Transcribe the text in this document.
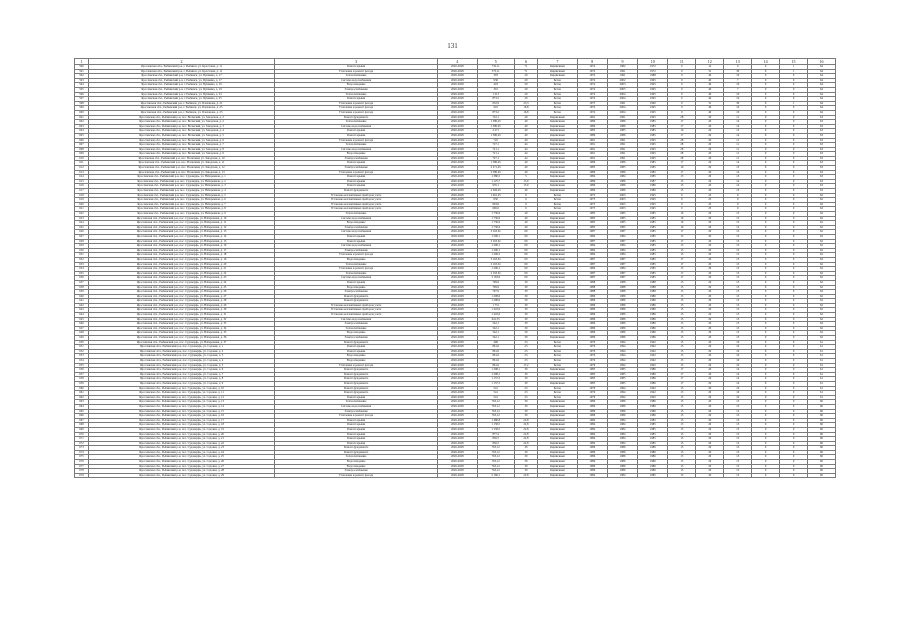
131
1	2	3	4	5	6	7	8	9	10	11	12	13	14	15	16
590	Ярославская обл., Рыбинский р-н, г. Рыбинск, ул. Крестовая, д. 11	Ремонт крыши	2026-2028	732,11	71	Кирпичный	1974	1982	1972	0	12	0	0	1	64
591	Ярославская обл., Рыбинский р-н, г. Рыбинск, ул. Крестовая, д. 11	Утепление и ремонт фасада	2026-2028	573,11	71	Кирпичный	1974	1991	1972	0	31	30	0	1	64
592	Ярославская обл., Рыбинский р-н, г. Рыбинск, ул. Пушкина, д. 17	Теплоснабжение	2026-2028	303	20	Кирпичный	1974	1991	1988	0	40	10	0	0	64
593	Ярославская обл., Рыбинский р-н, г. Рыбинск, ул. Пушкина, д. 17	Система водоснабжения	2026-2028	936	20	Бетон	1974	2002	1995	0	40	7	0	0	64
594	Ярославская обл., Рыбинский р-н, г. Рыбинск, ул. Пушкина, д. 19	Водоотведение	2026-2028	418	20	Бетон	1974	2003	1995	0	40	10	0	0	64
595	Ярославская обл., Рыбинский р-н, г. Рыбинск, ул. Пушкина, д. 19	Электроснабжение	2026-2028	301	20	Бетон	1974	2005	1995	0	40	7	0	0	64
596	Ярославская обл., Рыбинский р-н, г. Рыбинск, ул. Пушкина, д. 23	Теплоснабжение	2026-2028	1 213	20	Бетон	1974	2004	1995	0	40	10	0	0	64
597	Ярославская обл., Рыбинский р-н, г. Рыбинск, ул. Пушкина, д. 25	Ремонт крыши	2026-2028	873,2	20	Бетон	1974	2004	1995	0	40	10	0	0	64
598	Ярославская обл., Рыбинский р-н, г. Рыбинск, ул. Плеханова, д. 21	Утепление и ремонт фасада	2026-2028	632,9	23,3	Бетон	1975	1991	1990	0	31	30	0	1	64
599	Ярославская обл., Рыбинский р-н, г. Рыбинск, ул. Плеханова, д. 25	Утепление и ремонт фасада	2026-2028	916	16,8	Бетон	1974	2004	1995	0	40	10	0	0	64
600	Ярославская обл., Рыбинский р-н, г. Рыбинск, ул. Плеханова, д. 25	Утепление и ремонт фасада	2026-2028	873,2	16,8	Бетон	1974	2004	1995	0	40	10	0	0	64
601	Ярославская обл., Рыбинский р-н, пос. Волжский, ул. Заводская, д. 2	Ремонт фундамента	2026-2028	722,1	40	Кирпичный	1991	1991	1995	28	20	11	0	0	63
602	Ярославская обл., Рыбинский р-н, пос. Волжский, ул. Заводская, д. 2	Теплоснабжение	2026-2028	1 380,45	40	Кирпичный	1986	1986	1985	17	20	14	0	0	63
603	Ярославская обл., Рыбинский р-н, пос. Волжский, ул. Заводская, д. 3	Система водоснабжения	2026-2028	1 380,45	40	Кирпичный	1986	1986	1985	17	20	14	0	0	63
604	Ярославская обл., Рыбинский р-н, пос. Волжский, ул. Заводская, д. 4	Ремонт крыши	2026-2028	2 271	40	Кирпичный	1985	1985	1985	16	20	13	0	0	63
605	Ярославская обл., Рыбинский р-н, пос. Волжский, ул. Заводская, д. 5	Ремонт крыши	2026-2028	1 380,45	40	Кирпичный	1986	1986	1985	17	20	14	0	0	63
606	Ярославская обл., Рыбинский р-н, пос. Волжский, ул. Заводская, д. 6	Утепление и ремонт фасада	2026-2028	722	40	Кирпичный	1991	1991	1995	28	20	11	0	0	63
607	Ярославская обл., Рыбинский р-н, пос. Волжский, ул. Заводская, д. 7	Теплоснабжение	2026-2028	727,1	44	Кирпичный	1991	1991	1995	28	20	11	0	0	63
608	Ярославская обл., Рыбинский р-н, пос. Волжский, ул. Заводская, д. 8	Система водоснабжения	2026-2028	721,1	44	Кирпичный	1991	1991	1995	28	20	11	0	0	63
609	Ярославская обл., Рыбинский р-н, пос. Волжский, ул. Заводская, д. 9	Водоотведение	2026-2028	721,1	44	Кирпичный	1991	1991	1995	28	20	11	0	0	63
610	Ярославская обл., Рыбинский р-н, пос. Волжский, ул. Заводская, д. 10	Электроснабжение	2026-2028	727,1	44	Кирпичный	1991	1991	1995	28	20	11	0	0	63
611	Ярославская обл., Рыбинский р-н, пос. Волжский, ул. Заводская, д. 11	Ремонт крыши	2026-2028	1 380,45	40	Кирпичный	1986	1986	1985	17	20	14	0	0	63
612	Ярославская обл., Рыбинский р-н, пос. Волжский, ул. Заводская, д. 12	Электроснабжение	2026-2028	2 271,45	40	Кирпичный	1985	1985	1985	16	20	13	0	0	63
613	Ярославская обл., Рыбинский р-н, пос. Волжский, ул. Заводская, д. 13	Утепление и ремонт фасада	2026-2028	2 380,45	40	Кирпичный	1986	1986	1985	17	20	14	0	0	63
614	Ярославская обл., Рыбинский р-н, пос. Судоверфь, ул. Набережная, д. 1	Ремонт крыши	2026-2028	1 380,5	5	Кирпичный	1984	1984	1985	15	20	13	0	0	63
615	Ярославская обл., Рыбинский р-н, пос. Судоверфь, ул. Набережная, д. 2	Ремонт крыши	2026-2028	1 125,7	15,9	Кирпичный	1986	1986	1987	15	20	14	0	0	63
616	Ярославская обл., Рыбинский р-н, пос. Судоверфь, ул. Набережная, д. 3	Ремонт крыши	2026-2028	976,1	15,9	Кирпичный	1986	1986	1986	15	20	14	0	0	63
617	Ярославская обл., Рыбинский р-н, пос. Судоверфь, ул. Набережная, д. 4	Ремонт фундамента	2026-2028	2 206,45	40	Кирпичный	1986	1986	1986	15	20	13	0	0	63
618	Ярославская обл., Рыбинский р-н, пос. Судоверфь, ул. Набережная, д. 5	Установка коллективных приборов учета	2026-2028	1 461,25	6	Бетон	1975	2003	1995	0	23	9	0	0	62
619	Ярославская обл., Рыбинский р-н, пос. Судоверфь, ул. Набережная, д. 6	Установка коллективных приборов учета	2026-2028	650	6	Бетон	1975	2003	1995	0	23	9	0	0	62
620	Ярославская обл., Рыбинский р-н, пос. Судоверфь, ул. Набережная, д. 7	Установка коллективных приборов учета	2026-2028	693,6	6	Бетон	1975	2003	1995	0	23	9	0	0	62
621	Ярославская обл., Рыбинский р-н, пос. Судоверфь, ул. Набережная, д. 8	Установка коллективных приборов учета	2026-2028	696,6	6	Бетон	1975	2003	1995	0	23	9	0	0	62
622	Ярославская обл., Рыбинский р-н, пос. Судоверфь, ул. Набережная, д. 9	Теплоснабжение	2026-2028	1 730,6	40	Кирпичный	1985	1985	1985	16	20	13	0	0	62
623	Ярославская обл., Рыбинский р-н, пос. Судоверфь, ул. Набережная, д. 10	Система водоснабжения	2026-2028	1 730,6	40	Кирпичный	1985	1985	1985	16	20	13	0	0	62
624	Ярославская обл., Рыбинский р-н, пос. Судоверфь, ул. Набережная, д. 11	Водоотведение	2026-2028	1 730,6	40	Кирпичный	1985	1985	1985	16	20	13	0	0	62
625	Ярославская обл., Рыбинский р-н, пос. Судоверфь, ул. Набережная, д. 12	Электроснабжение	2026-2028	1 730,6	40	Кирпичный	1985	1985	1985	16	20	13	0	0	62
626	Ярославская обл., Рыбинский р-н, пос. Судоверфь, ул. Набережная, д. 13	Система водоснабжения	2026-2028	3 163,61	60	Кирпичный	1987	1987	1985	17	20	13	0	0	62
627	Ярославская обл., Рыбинский р-н, пос. Судоверфь, ул. Набережная, д. 14	Ремонт крыши	2026-2028	1 206,1	60	Кирпичный	1984	1984	1985	15	20	13	0	0	62
628	Ярославская обл., Рыбинский р-н, пос. Судоверфь, ул. Набережная, д. 15	Ремонт крыши	2026-2028	3 163,61	60	Кирпичный	1987	1987	1985	17	20	13	0	0	62
629	Ярославская обл., Рыбинский р-н, пос. Судоверфь, ул. Набережная, д. 16	Система водоснабжения	2026-2028	1 206,1	60	Кирпичный	1984	1984	1985	15	20	13	0	0	62
630	Ярославская обл., Рыбинский р-н, пос. Судоверфь, ул. Набережная, д. 17	Электроснабжение	2026-2028	1 206,1	60	Кирпичный	1984	1984	1985	15	20	13	0	0	62
631	Ярославская обл., Рыбинский р-н, пос. Судоверфь, ул. Набережная, д. 18	Утепление и ремонт фасада	2026-2028	1 206,5	60	Кирпичный	1984	1984	1985	15	20	13	0	0	62
632	Ярославская обл., Рыбинский р-н, пос. Судоверфь, ул. Набережная, д. 19	Водоотведение	2026-2028	3 163,61	60	Кирпичный	1987	1987	1985	17	20	13	0	0	62
633	Ярославская обл., Рыбинский р-н, пос. Судоверфь, ул. Набережная, д. 20	Теплоснабжение	2026-2028	2 163,61	60	Кирпичный	1987	1987	1985	17	20	13	0	0	62
634	Ярославская обл., Рыбинский р-н, пос. Судоверфь, ул. Набережная, д. 21	Утепление и ремонт фасада	2026-2028	1 206,1	60	Кирпичный	1984	1984	1985	15	20	13	0	0	62
635	Ярославская обл., Рыбинский р-н, пос. Судоверфь, ул. Набережная, д. 22	Теплоснабжение	2026-2028	2 163,61	60	Кирпичный	1987	1987	1985	17	20	13	0	0	62
636	Ярославская обл., Рыбинский р-н, пос. Судоверфь, ул. Набережная, д. 23	Система водоснабжения	2026-2028	3 163,6	60	Кирпичный	1987	1987	1985	17	20	13	0	0	62
637	Ярославская обл., Рыбинский р-н, пос. Судоверфь, ул. Набережная, д. 24	Ремонт крыши	2026-2028	799,9	30	Кирпичный	1988	1988	1988	15	20	13	0	0	62
638	Ярославская обл., Рыбинский р-н, пос. Судоверфь, ул. Набережная, д. 25	Водоотведение	2026-2028	799,9	30	Кирпичный	1988	1988	1988	15	20	13	0	0	62
639	Ярославская обл., Рыбинский р-н, пос. Судоверфь, ул. Набережная, д. 26	Электроснабжение	2026-2028	797,9	30	Кирпичный	1988	1988	1988	15	20	13	0	0	62
640	Ярославская обл., Рыбинский р-н, пос. Судоверфь, ул. Набережная, д. 27	Ремонт фундамента	2026-2028	1 298,6	30	Кирпичный	1986	1986	1986	15	20	13	0	0	62
641	Ярославская обл., Рыбинский р-н, пос. Судоверфь, ул. Набережная, д. 28	Ремонт фундамента	2026-2028	1 298,6	30	Кирпичный	1986	1986	1986	15	20	13	0	0	62
642	Ярославская обл., Рыбинский р-н, пос. Судоверфь, ул. Набережная, д. 29	Установка коллективных приборов учета	2026-2028	1 731	30	Кирпичный	1986	1986	1986	15	20	13	0	0	62
643	Ярославская обл., Рыбинский р-н, пос. Судоверфь, ул. Набережная, д. 30	Установка коллективных приборов учета	2026-2028	1 443,6	30	Кирпичный	1986	1986	1986	15	20	13	0	0	62
644	Ярославская обл., Рыбинский р-н, пос. Судоверфь, ул. Набережная, д. 31	Установка коллективных приборов учета	2026-2028	1 443,6	30	Кирпичный	1986	1986	1986	15	20	13	0	0	62
645	Ярославская обл., Рыбинский р-н, пос. Судоверфь, ул. Набережная, д. 32	Система водоснабжения	2026-2028	641,55	30	Кирпичный	1986	1986	1986	15	20	13	0	0	62
646	Ярославская обл., Рыбинский р-н, пос. Судоверфь, ул. Набережная, д. 33	Электроснабжение	2026-2028	542,1	30	Кирпичный	1986	1986	1986	15	20	13	0	0	62
647	Ярославская обл., Рыбинский р-н, пос. Судоверфь, ул. Набережная, д. 34	Теплоснабжение	2026-2028	542,1	30	Кирпичный	1986	1986	1986	15	20	13	0	0	62
648	Ярославская обл., Рыбинский р-н, пос. Судоверфь, ул. Набережная, д. 35	Водоотведение	2026-2028	542,1	30	Кирпичный	1986	1986	1986	15	20	13	0	0	62
649	Ярославская обл., Рыбинский р-н, пос. Судоверфь, ул. Набережная, д. 36	Электроснабжение	2026-2028	542,1	30	Кирпичный	1986	1986	1986	15	20	13	0	0	62
650	Ярославская обл., Рыбинский р-н, пос. Судоверфь, ул. Набережная, д. 37	Ремонт фундамента	2026-2028	499	23	Бетон	1976	1994	1992	15	20	10	0	0	61
651	Ярославская обл., Рыбинский р-н, пос. Судоверфь, ул. Садовая, д. 1	Ремонт крыши	2026-2028	861,6	23	Бетон	1976	1994	1992	15	20	10	0	0	61
652	Ярославская обл., Рыбинский р-н, пос. Судоверфь, ул. Садовая, д. 2	Ремонт крыши	2026-2028	861,6	23	Бетон	1976	1994	1992	15	20	10	0	0	61
653	Ярославская обл., Рыбинский р-н, пос. Судоверфь, ул. Садовая, д. 3	Водоотведение	2026-2028	861,6	23	Бетон	1976	1994	1992	15	20	10	0	0	61
654	Ярославская обл., Рыбинский р-н, пос. Судоверфь, ул. Садовая, д. 4	Водоотведение	2026-2028	861,6	23	Бетон	1976	1994	1992	15	20	10	0	0	61
655	Ярославская обл., Рыбинский р-н, пос. Судоверфь, ул. Садовая, д. 5	Утепление и ремонт фасада	2026-2028	861,6	17,2	Бетон	1976	1994	1992	15	20	10	0	0	61
656	Ярославская обл., Рыбинский р-н, пос. Судоверфь, ул. Садовая, д. 6	Ремонт фундамента	2026-2028	1 298,1	30	Кирпичный	1985	1985	1986	17	20	14	0	0	61
657	Ярославская обл., Рыбинский р-н, пос. Судоверфь, ул. Садовая, д. 7	Ремонт фундамента	2026-2028	1 298,1	30	Кирпичный	1985	1985	1986	17	20	14	0	0	61
658	Ярославская обл., Рыбинский р-н, пос. Судоверфь, ул. Садовая, д. 8	Ремонт фундамента	2026-2028	1 157,5	30	Кирпичный	1985	1985	1986	17	20	14	0	0	61
659	Ярославская обл., Рыбинский р-н, пос. Судоверфь, ул. Садовая, д. 9	Ремонт фундамента	2026-2028	1 157,5	30	Кирпичный	1985	1985	1986	17	20	14	0	0	61
660	Ярославская обл., Рыбинский р-н, пос. Судоверфь, ул. Садовая, д. 10	Ремонт фундамента	2026-2028	541	23	Бетон	1976	1994	1992	15	20	10	0	0	61
661	Ярославская обл., Рыбинский р-н, пос. Судоверфь, ул. Садовая, д. 11	Ремонт фундамента	2026-2028	541	23	Бетон	1976	1994	1992	15	20	10	0	0	61
662	Ярославская обл., Рыбинский р-н, пос. Судоверфь, ул. Садовая, д. 12	Ремонт крыши	2026-2028	541	23	Бетон	1976	1994	1992	15	20	10	0	0	61
663	Ярославская обл., Рыбинский р-н, пос. Судоверфь, ул. Садовая, д. 13	Теплоснабжение	2026-2028	763,12	30	Кирпичный	1986	1986	1986	15	20	13	0	0	60
664	Ярославская обл., Рыбинский р-н, пос. Судоверфь, ул. Садовая, д. 14	Система водоснабжения	2026-2028	763,12	30	Кирпичный	1986	1986	1986	15	20	13	0	0	60
665	Ярославская обл., Рыбинский р-н, пос. Судоверфь, ул. Садовая, д. 15	Электроснабжение	2026-2028	763,12	30	Кирпичный	1986	1986	1986	15	20	13	0	0	60
666	Ярославская обл., Рыбинский р-н, пос. Судоверфь, ул. Садовая, д. 16	Утепление и ремонт фасада	2026-2028	763,12	30	Кирпичный	1986	1986	1986	15	20	13	0	0	60
667	Ярославская обл., Рыбинский р-н, пос. Судоверфь, ул. Садовая, д. 17	Ремонт крыши	2026-2028	1 480,8	22,8	Кирпичный	1984	1984	1985	15	20	13	0	0	60
668	Ярославская обл., Рыбинский р-н, пос. Судоверфь, ул. Садовая, д. 18	Ремонт крыши	2026-2028	1 158,5	22,8	Кирпичный	1984	1984	1985	15	20	13	0	0	60
669	Ярославская обл., Рыбинский р-н, пос. Судоверфь, ул. Садовая, д. 19	Ремонт крыши	2026-2028	1 158,5	22,8	Кирпичный	1984	1984	1985	15	20	13	0	0	60
670	Ярославская обл., Рыбинский р-н, пос. Судоверфь, ул. Садовая, д. 20	Ремонт крыши	2026-2028	877,4	22,8	Кирпичный	1984	1984	1985	15	20	13	0	0	60
671	Ярославская обл., Рыбинский р-н, пос. Судоверфь, ул. Садовая, д. 21	Ремонт крыши	2026-2028	836,5	22,8	Кирпичный	1984	1984	1985	15	20	13	0	0	60
672	Ярославская обл., Рыбинский р-н, пос. Судоверфь, ул. Садовая, д. 22	Ремонт крыши	2026-2028	836,5	22,8	Кирпичный	1984	1984	1985	15	20	13	0	0	60
673	Ярославская обл., Рыбинский р-н, пос. Судоверфь, ул. Садовая, д. 23	Ремонт фундамента	2026-2028	763,12	30	Кирпичный	1986	1986	1986	15	20	13	0	0	60
674	Ярославская обл., Рыбинский р-н, пос. Судоверфь, ул. Садовая, д. 24	Ремонт фундамента	2026-2028	763,12	30	Кирпичный	1986	1986	1986	15	20	13	0	0	60
675	Ярославская обл., Рыбинский р-н, пос. Судоверфь, ул. Садовая, д. 25	Теплоснабжение	2026-2028	763,12	30	Кирпичный	1986	1986	1986	15	20	13	0	0	60
676	Ярославская обл., Рыбинский р-н, пос. Судоверфь, ул. Садовая, д. 26	Водоотведение	2026-2028	763,12	30	Кирпичный	1986	1986	1986	15	20	13	0	0	60
677	Ярославская обл., Рыбинский р-н, пос. Судоверфь, ул. Садовая, д. 27	Водоотведение	2026-2028	763,12	30	Кирпичный	1986	1986	1986	15	20	13	0	0	60
678	Ярославская обл., Рыбинский р-н, пос. Судоверфь, ул. Садовая, д. 28	Электроснабжение	2026-2028	763,12	30	Кирпичный	1986	1986	1986	15	20	13	0	0	60
679	Ярославская обл., Рыбинский р-н, пос. Судоверфь, ул. Садовая, д. 29	Утепление и ремонт фасада	2026-2028	2 160,1	22,8	Кирпичный	1984	1984	1985	15	20	13	0	0	60
